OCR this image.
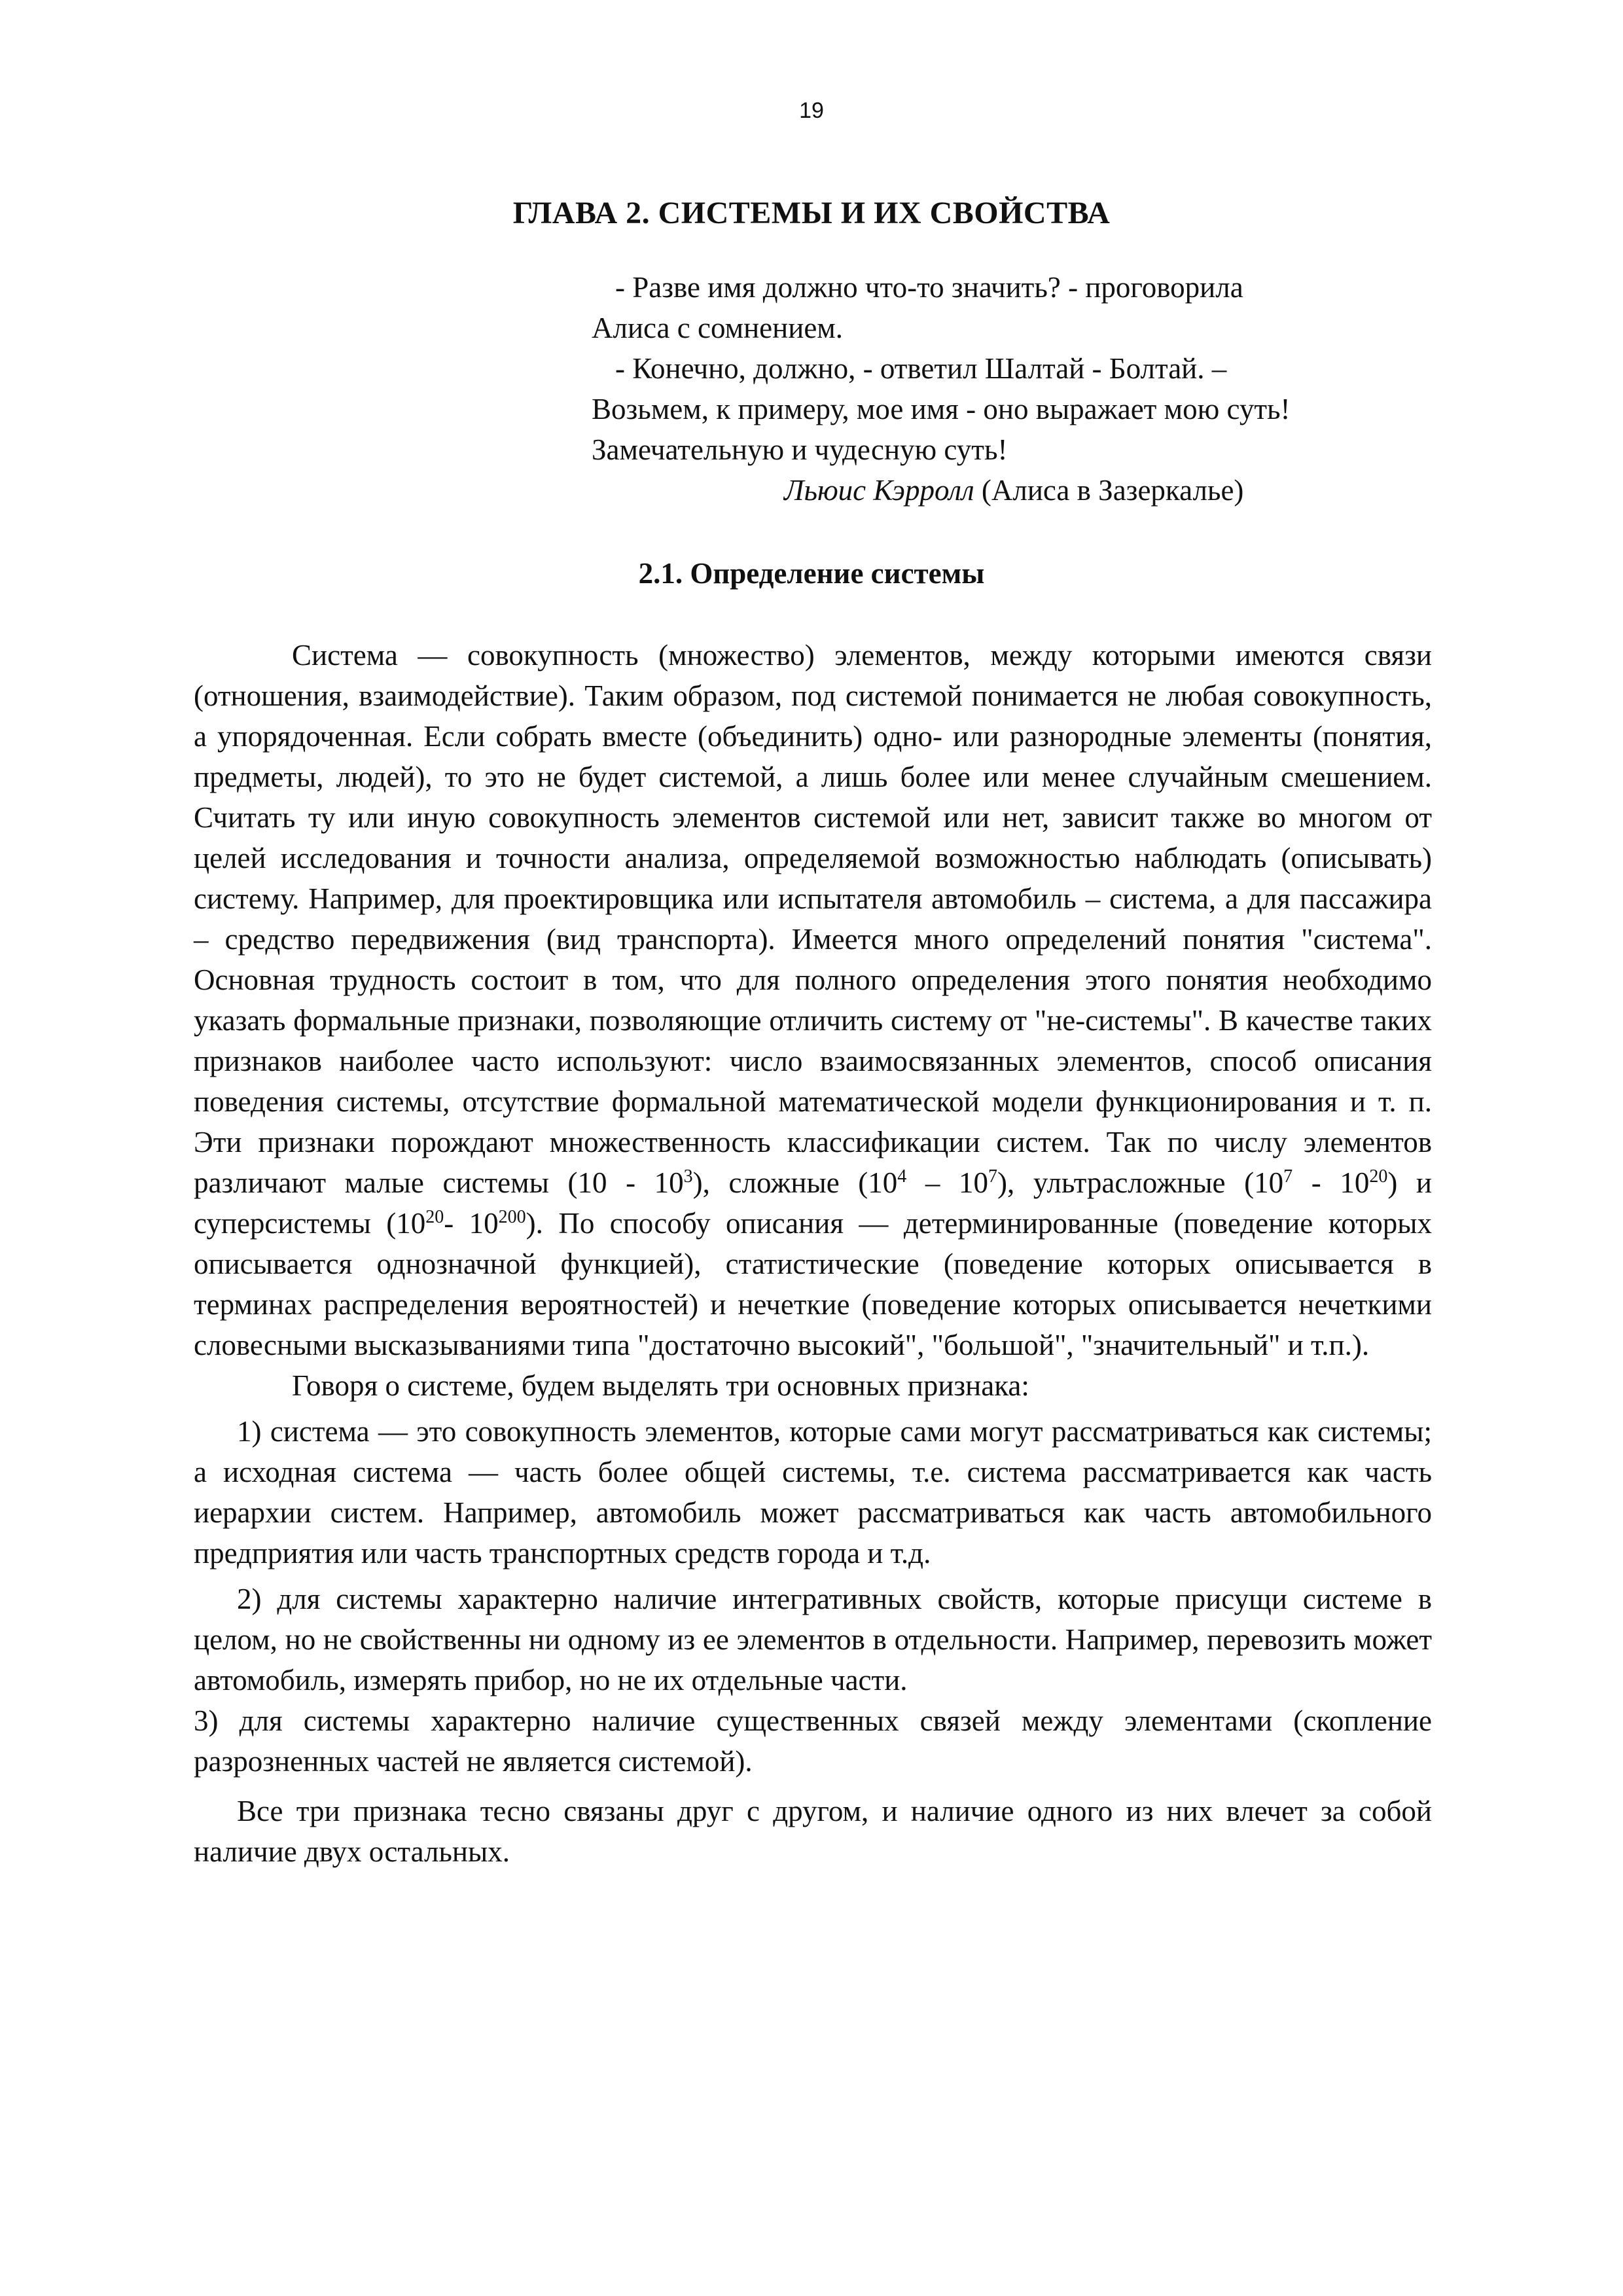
19
ГЛАВА 2. СИСТЕМЫ И ИХ СВОЙСТВА
- Разве имя должно что-то значить? - проговорила
Алиса с сомнением.
- Конечно, должно, - ответил Шалтай - Болтай. –
Возьмем, к примеру, мое имя - оно выражает мою суть!
Замечательную и чудесную суть!
Льюис Кэрролл (Алиса в Зазеркалье)
2.1. Определение системы

Система — совокупность (множество) элементов, между которыми имеются связи (отношения, взаимодействие). Таким образом, под системой понимается не любая совокупность, а упорядоченная. Если собрать вместе (объединить) одно- или разнородные элементы (понятия, предметы, людей), то это не будет системой, а лишь более или менее случайным смешением. Считать ту или иную совокупность элементов системой или нет, зависит также во многом от целей исследования и точности анализа, определяемой возможностью наблюдать (описывать) систему. Например, для проектировщика или испытателя автомобиль – система, а для пассажира – средство передвижения (вид транспорта). Имеется много определений понятия "система". Основная трудность состоит в том, что для полного определения этого понятия необходимо указать формальные признаки, позволяющие отличить систему от "не-системы". В качестве таких признаков наиболее часто используют: число взаимосвязанных элементов, способ описания поведения системы, отсутствие формальной математической модели функционирования и т. п. Эти признаки порождают множественность классификации систем. Так по числу элементов различают малые системы $(10 - 10^3)$, сложные $(10^4 - 10^7)$, ультрасложные $(10^7 - 10^{20})$ и суперсистемы ($10^{20}-$ $10^{200}$). По способу описания — детерминированные (поведение которых описывается однозначной функцией), статистические (поведение которых описывается в терминах распределения вероятностей) и нечеткие (поведение которых описывается нечеткими словесными высказываниями типа "достаточно высокий", "большой", "значительный" и т.п.).

Говоря о системе, будем выделять три основных признака:

1) система — это совокупность элементов, которые сами могут рассматриваться как системы; а исходная система — часть более общей системы, т.е. система рассматривается как часть иерархии систем. Например, автомобиль может рассматриваться как часть автомобильного предприятия или часть транспортных средств города и т.д.

2) для системы характерно наличие интегративных свойств, которые присущи системе в целом, но не свойственны ни одному из ее элементов в отдельности. Например, перевозить может автомобиль, измерять прибор, но не их отдельные части.

3) для системы характерно наличие существенных связей между элементами (скопление разрозненных частей не является системой).

Все три признака тесно связаны друг с другом, и наличие одного из них влечет за собой наличие двух остальных.
